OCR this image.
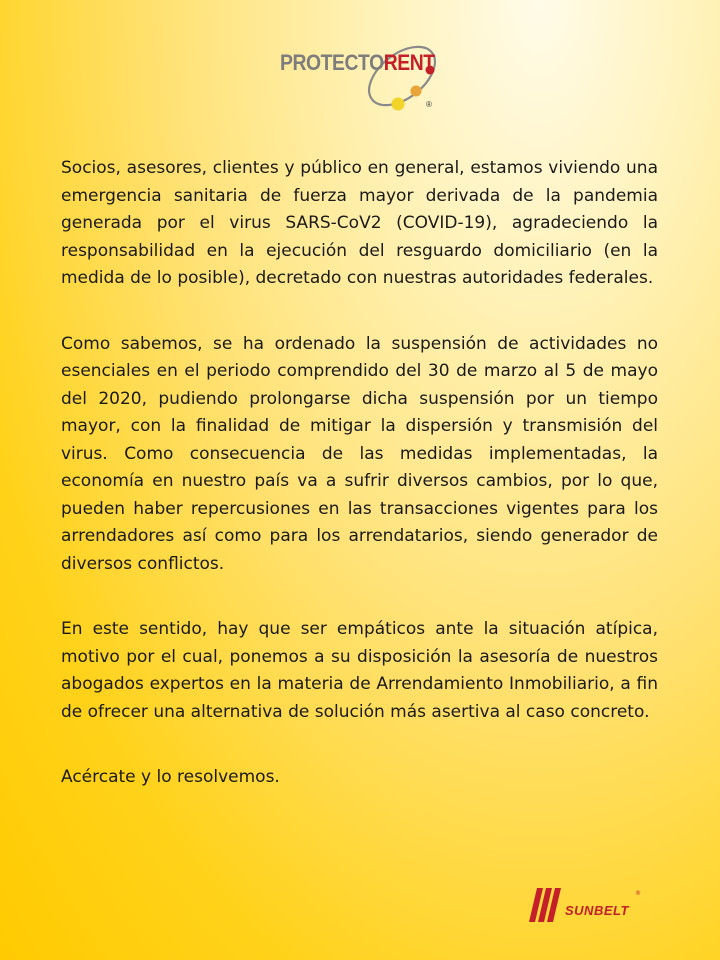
PROTECTORENT
®

Socios, asesores, clientes y público en general, estamos viviendo una emergencia sanitaria de fuerza mayor derivada de la pandemia generada por el virus SARS-CoV2 (COVID-19), agradeciendo la responsabilidad en la ejecución del resguardo domiciliario (en la medida de lo posible), decretado con nuestras autoridades federales.

Como sabemos, se ha ordenado la suspensión de actividades no esenciales en el periodo comprendido del 30 de marzo al 5 de mayo del 2020, pudiendo prolongarse dicha suspensión por un tiempo mayor, con la finalidad de mitigar la dispersión y transmisión del virus. Como consecuencia de las medidas implementadas, la economía en nuestro país va a sufrir diversos cambios, por lo que, pueden haber repercusiones en las transacciones vigentes para los arrendadores así como para los arrendatarios, siendo generador de diversos conflictos.

En este sentido, hay que ser empáticos ante la situación atípica, motivo por el cual, ponemos a su disposición la asesoría de nuestros abogados expertos en la materia de Arrendamiento Inmobiliario, a fin de ofrecer una alternativa de solución más asertiva al caso concreto.

Acércate y lo resolvemos.

SUNBELT
®
